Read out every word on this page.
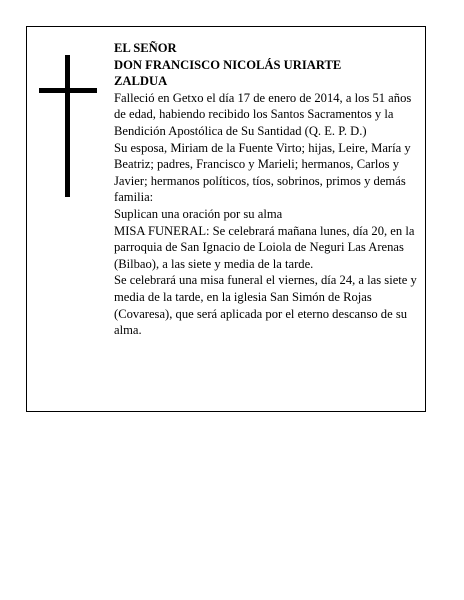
EL SEÑOR

DON FRANCISCO NICOLÁS URIARTE

ZALDUA

Falleció en Getxo el día 17 de enero de 2014, a los 51 años de edad, habiendo recibido los Santos Sacramentos y la Bendición Apostólica de Su Santidad (Q. E. P. D.)

Su esposa, Miriam de la Fuente Virto; hijas, Leire, María y Beatriz; padres, Francisco y Marieli; hermanos, Carlos y Javier; hermanos políticos, tíos, sobrinos, primos y demás familia:

Suplican una oración por su alma

MISA FUNERAL: Se celebrará mañana lunes, día 20, en la parroquia de San Ignacio de Loiola de Neguri Las Arenas (Bilbao), a las siete y media de la tarde.

Se celebrará una misa funeral el viernes, día 24, a las siete y media de la tarde, en la iglesia San Simón de Rojas (Covaresa), que será aplicada por el eterno descanso de su alma.
